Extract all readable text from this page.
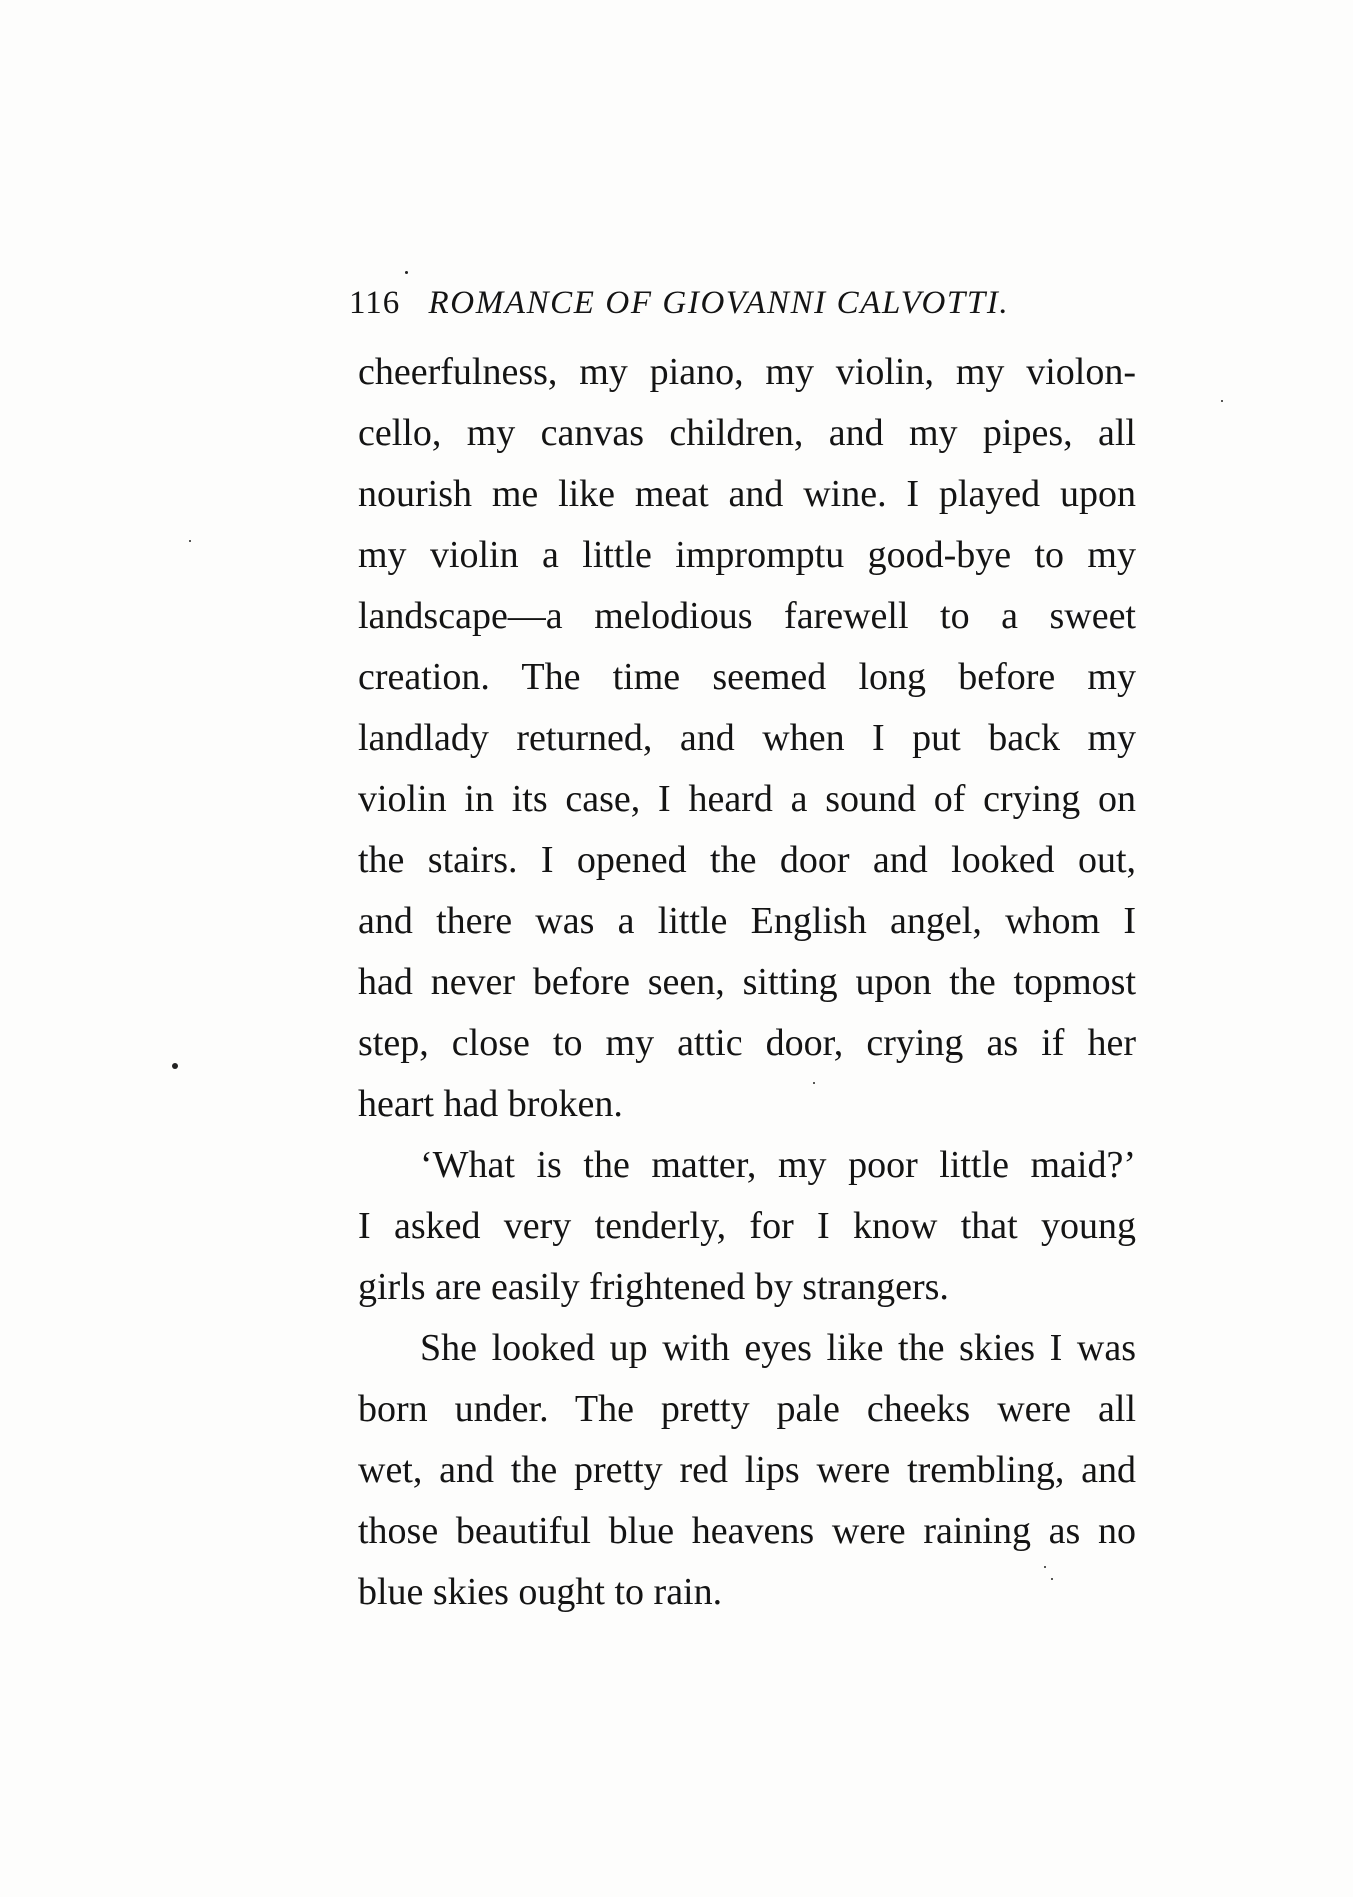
116 ROMANCE OF GIOVANNI CALVOTTI.
cheerfulness, my piano, my violin, my violon-
cello, my canvas children, and my pipes, all
nourish me like meat and wine. I played upon
my violin a little impromptu good-bye to my
landscape—a melodious farewell to a sweet
creation. The time seemed long before my
landlady returned, and when I put back my
violin in its case, I heard a sound of crying on
the stairs. I opened the door and looked out,
and there was a little English angel, whom I
had never before seen, sitting upon the topmost
step, close to my attic door, crying as if her
heart had broken.
‘What is the matter, my poor little maid?’
I asked very tenderly, for I know that young
girls are easily frightened by strangers.
She looked up with eyes like the skies I was
born under. The pretty pale cheeks were all
wet, and the pretty red lips were trembling, and
those beautiful blue heavens were raining as no
blue skies ought to rain.
